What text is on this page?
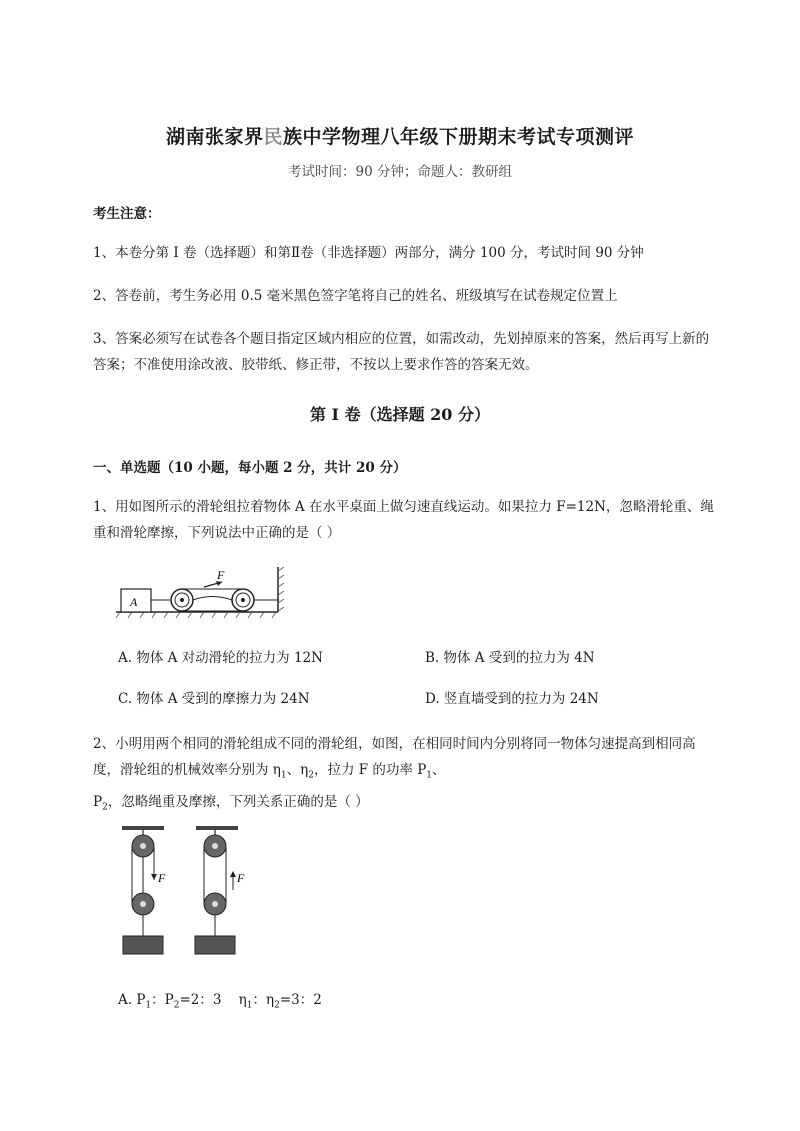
湖南张家界民族中学物理八年级下册期末考试专项测评
考试时间：90 分钟；命题人：教研组
考生注意：
1、本卷分第 I 卷（选择题）和第Ⅱ卷（非选择题）两部分，满分 100 分，考试时间 90 分钟
2、答卷前，考生务必用 0.5 毫米黑色签字笔将自己的姓名、班级填写在试卷规定位置上
3、答案必须写在试卷各个题目指定区域内相应的位置，如需改动，先划掉原来的答案，然后再写上新的答案；不准使用涂改液、胶带纸、修正带，不按以上要求作答的答案无效。
第 I 卷（选择题 20 分）
一、单选题（10 小题，每小题 2 分，共计 20 分）
1、用如图所示的滑轮组拉着物体 A 在水平桌面上做匀速直线运动。如果拉力 F=12N，忽略滑轮重、绳重和滑轮摩擦，下列说法中正确的是（ ）
A
F
A. 物体 A 对动滑轮的拉力为 12N	B. 物体 A 受到的拉力为 4N
C. 物体 A 受到的摩擦力为 24N	D. 竖直墙受到的拉力为 24N
2、小明用两个相同的滑轮组成不同的滑轮组，如图，在相同时间内分别将同一物体匀速提高到相同高度，滑轮组的机械效率分别为 $\eta_1$、$\eta_2$，拉力 F 的功率 $P_1$、$P_2$，忽略绳重及摩擦，下列关系正确的是（ ）
F	F
A. $P_1$：$P_2=2$：3 $\eta_1$：$\eta_2=3$：2
